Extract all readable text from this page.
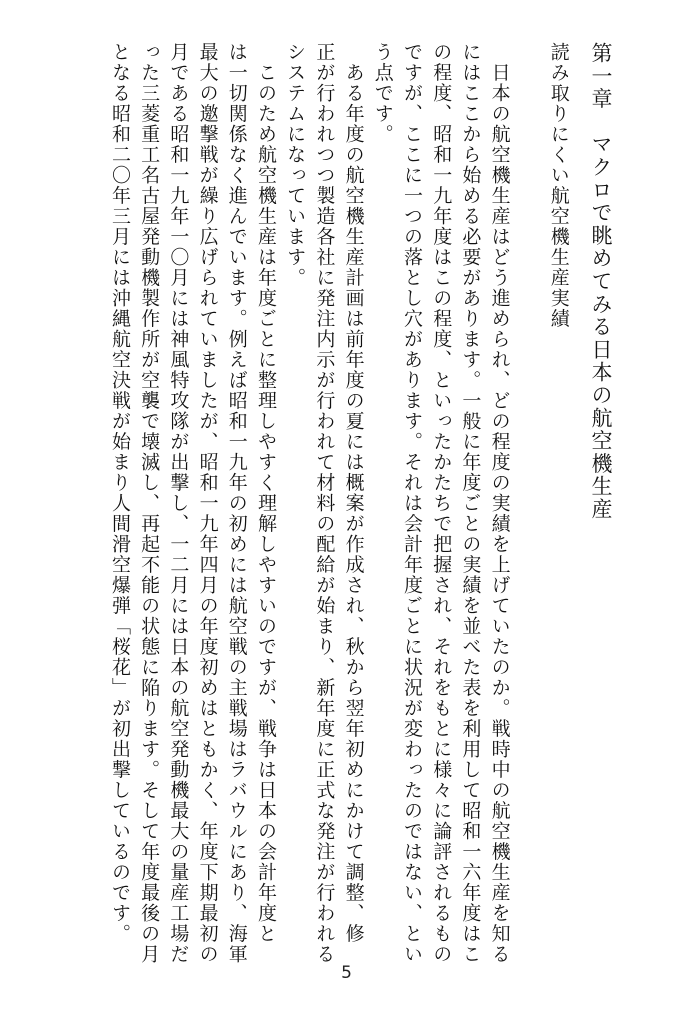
第一章　マクロで眺めてみる日本の航空機生産
読み取りにくい航空機生産実績
　日本の航空機生産はどう進められ、どの程度の実績を上げていたのか。戦時中の航空機生産を知る
にはここから始める必要があります。一般に年度ごとの実績を並べた表を利用して昭和一六年度はこ
の程度、昭和一九年度はこの程度、といったかたちで把握され、それをもとに様々に論評されるもの
ですが、ここに一つの落とし穴があります。それは会計年度ごとに状況が変わったのではない、とい
う点です。
　ある年度の航空機生産計画は前年度の夏には概案が作成され、秋から翌年初めにかけて調整、修
正が行われつつ製造各社に発注内示が行われて材料の配給が始まり、新年度に正式な発注が行われる
システムになっています。
　このため航空機生産は年度ごとに整理しやすく理解しやすいのですが、戦争は日本の会計年度と
は一切関係なく進んでいます。例えば昭和一九年の初めには航空戦の主戦場はラバウルにあり、海軍
最大の邀撃戦が繰り広げられていましたが、昭和一九年四月の年度初めはともかく、年度下期最初の
月である昭和一九年一〇月には神風特攻隊が出撃し、一二月には日本の航空発動機最大の量産工場だ
った三菱重工名古屋発動機製作所が空襲で壊滅し、再起不能の状態に陥ります。そして年度最後の月
となる昭和二〇年三月には沖縄航空決戦が始まり人間滑空爆弾「桜花」が初出撃しているのです。
5
